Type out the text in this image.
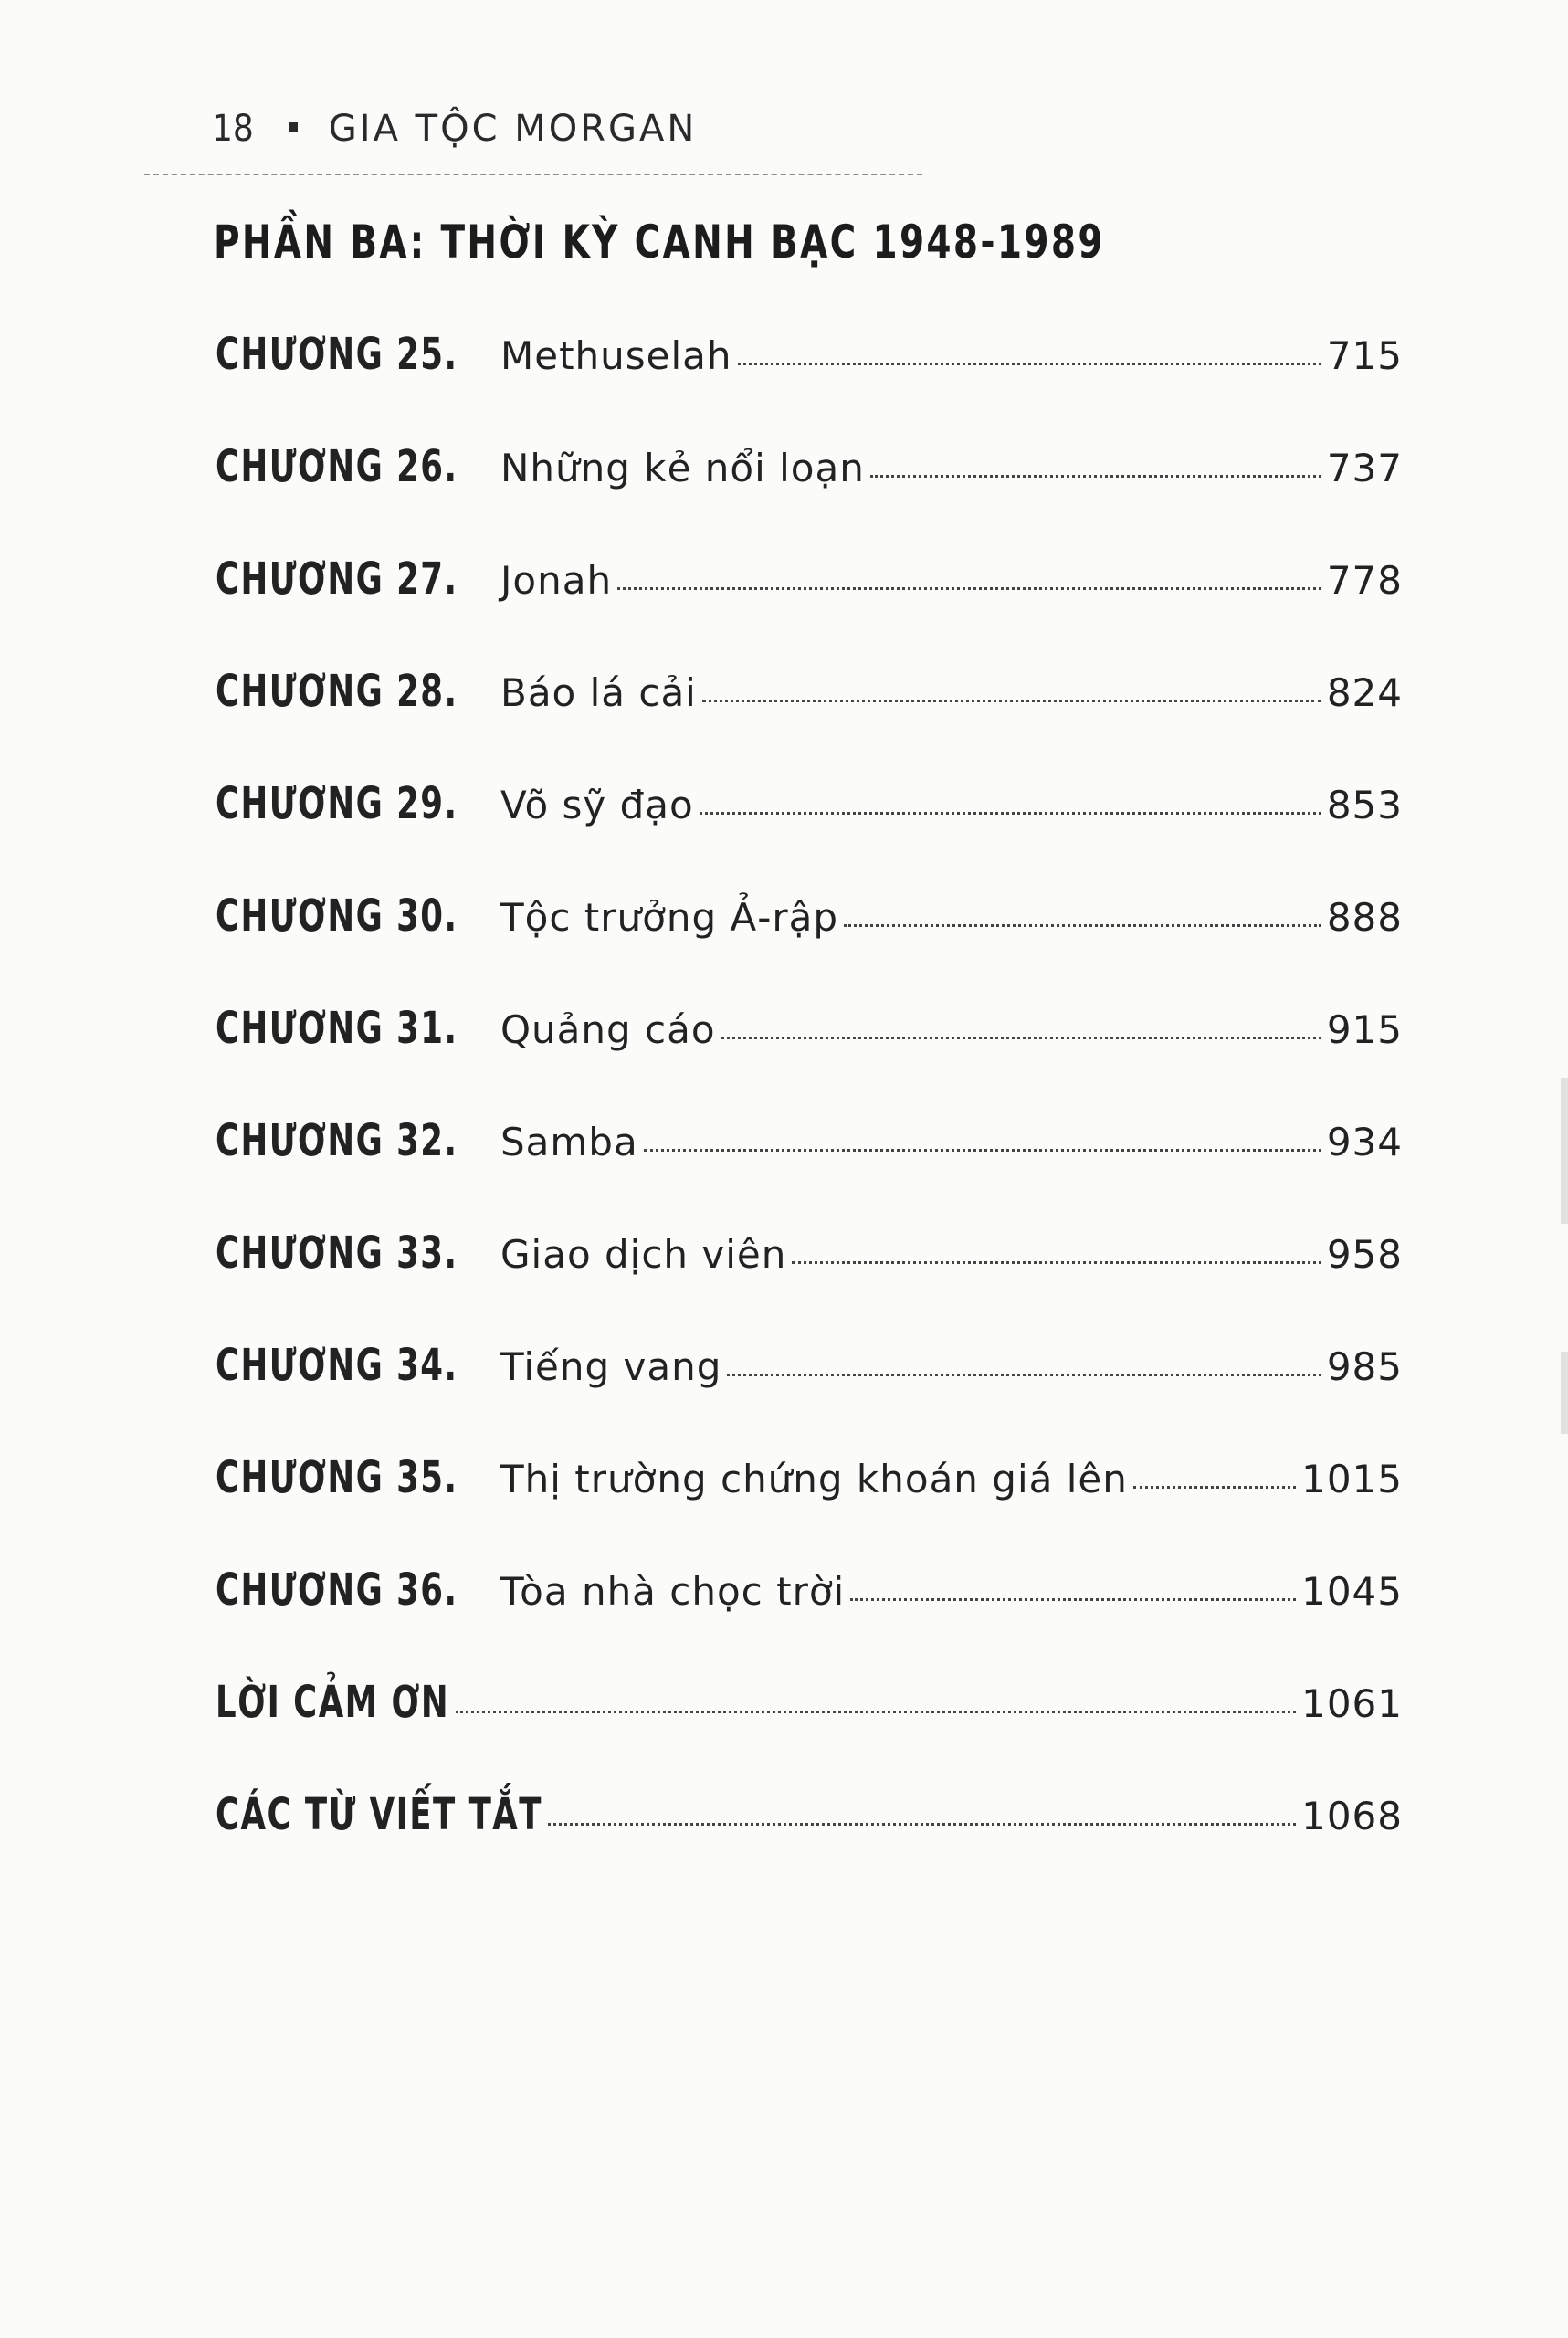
18 GIA TỘC MORGAN
PHẦN BA: THỜI KỲ CANH BẠC 1948-1989
CHƯƠNG 25.	Methuselah	715
CHƯƠNG 26.	Những kẻ nổi loạn	737
CHƯƠNG 27.	Jonah	778
CHƯƠNG 28.	Báo lá cải	824
CHƯƠNG 29.	Võ sỹ đạo	853
CHƯƠNG 30.	Tộc trưởng Ả-rập	888
CHƯƠNG 31.	Quảng cáo	915
CHƯƠNG 32.	Samba	934
CHƯƠNG 33.	Giao dịch viên	958
CHƯƠNG 34.	Tiếng vang	985
CHƯƠNG 35.	Thị trường chứng khoán giá lên	1015
CHƯƠNG 36.	Tòa nhà chọc trời	1045
LỜI CẢM ƠN	1061
CÁC TỪ VIẾT TẮT	1068
